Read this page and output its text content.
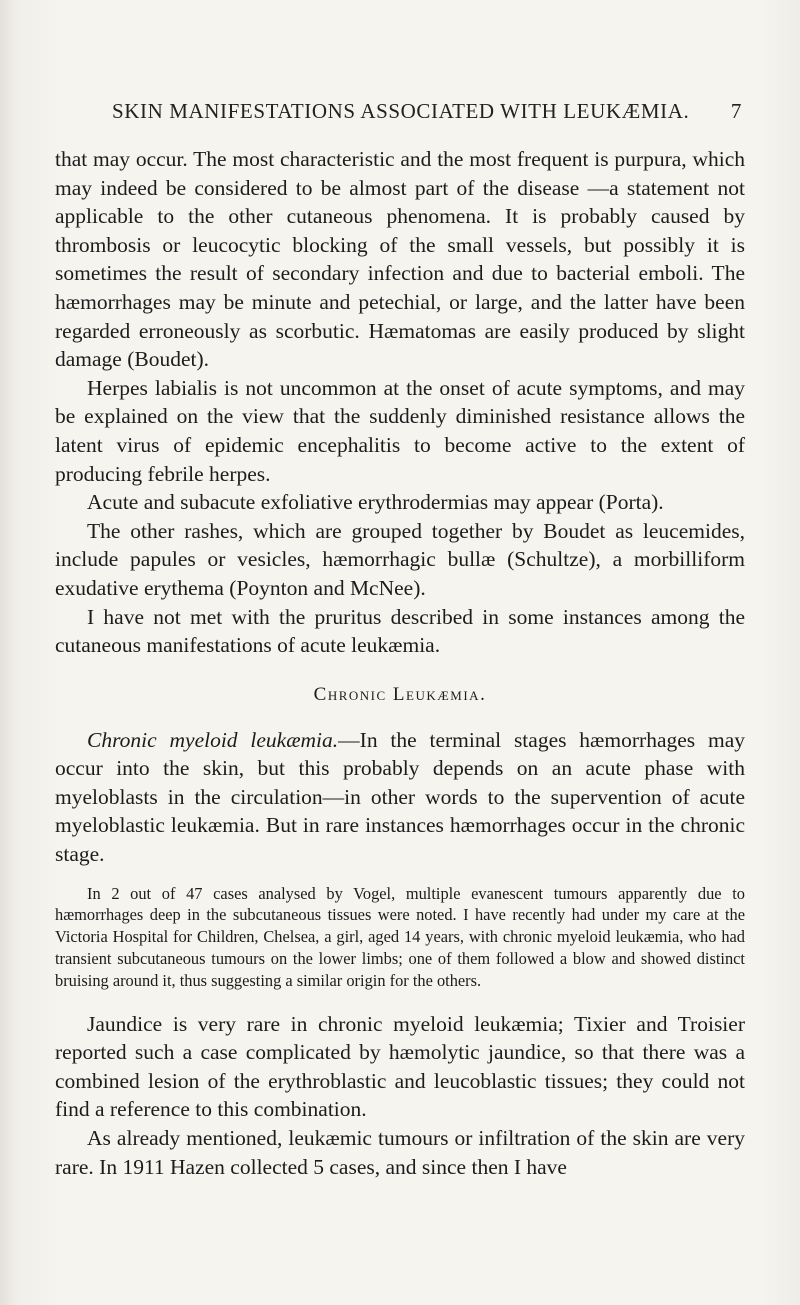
SKIN MANIFESTATIONS ASSOCIATED WITH LEUKÆMIA.	7

that may occur. The most characteristic and the most frequent is purpura, which may indeed be considered to be almost part of the disease —a statement not applicable to the other cutaneous phenomena. It is probably caused by thrombosis or leucocytic blocking of the small vessels, but possibly it is sometimes the result of secondary infection and due to bacterial emboli. The hæmorrhages may be minute and petechial, or large, and the latter have been regarded erroneously as scorbutic. Hæmatomas are easily produced by slight damage (Boudet).

Herpes labialis is not uncommon at the onset of acute symptoms, and may be explained on the view that the suddenly diminished resistance allows the latent virus of epidemic encephalitis to become active to the extent of producing febrile herpes.

Acute and subacute exfoliative erythrodermias may appear (Porta).

The other rashes, which are grouped together by Boudet as leucemides, include papules or vesicles, hæmorrhagic bullæ (Schultze), a morbilliform exudative erythema (Poynton and McNee).

I have not met with the pruritus described in some instances among the cutaneous manifestations of acute leukæmia.

Chronic Leukæmia.

Chronic myeloid leukæmia.—In the terminal stages hæmorrhages may occur into the skin, but this probably depends on an acute phase with myeloblasts in the circulation—in other words to the supervention of acute myeloblastic leukæmia. But in rare instances hæmorrhages occur in the chronic stage.

In 2 out of 47 cases analysed by Vogel, multiple evanescent tumours apparently due to hæmorrhages deep in the subcutaneous tissues were noted. I have recently had under my care at the Victoria Hospital for Children, Chelsea, a girl, aged 14 years, with chronic myeloid leukæmia, who had transient subcutaneous tumours on the lower limbs; one of them followed a blow and showed distinct bruising around it, thus suggesting a similar origin for the others.

Jaundice is very rare in chronic myeloid leukæmia; Tixier and Troisier reported such a case complicated by hæmolytic jaundice, so that there was a combined lesion of the erythroblastic and leucoblastic tissues; they could not find a reference to this combination.

As already mentioned, leukæmic tumours or infiltration of the skin are very rare. In 1911 Hazen collected 5 cases, and since then I have
